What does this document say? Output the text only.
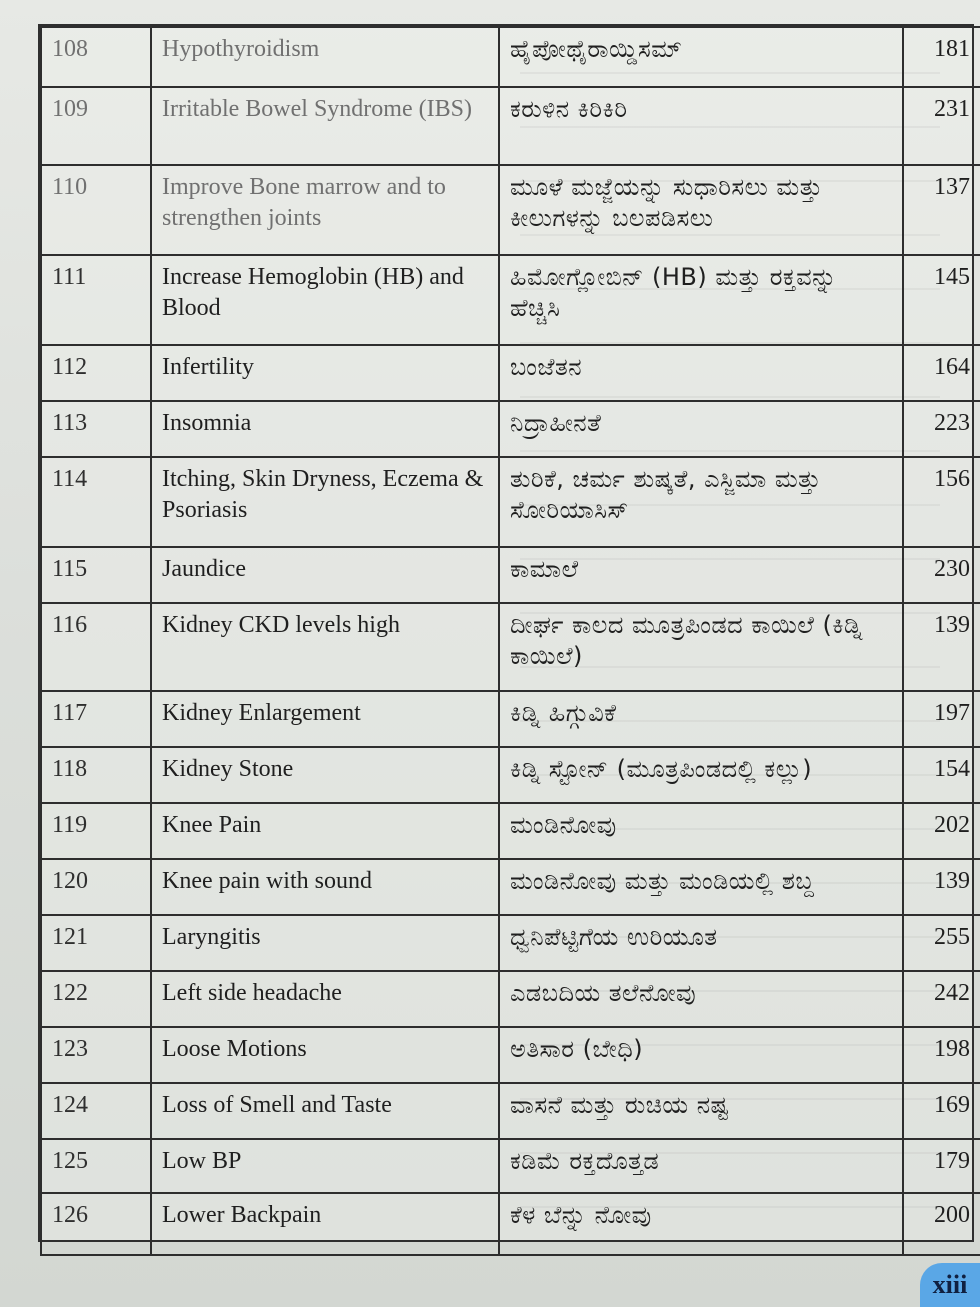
108	Hypothyroidism	ಹೈಪೋಥೈರಾಯ್ಡಿಸಮ್	181

109	Irritable Bowel Syndrome (IBS)	ಕರುಳಿನ ಕಿರಿಕಿರಿ	231

110	Improve Bone marrow and to strengthen joints	ಮೂಳೆ ಮಜ್ಜೆಯನ್ನು ಸುಧಾರಿಸಲು ಮತ್ತು ಕೀಲುಗಳನ್ನು ಬಲಪಡಿಸಲು	137

111	Increase Hemoglobin (HB) and Blood	ಹಿಮೋಗ್ಲೋಬಿನ್ (HB) ಮತ್ತು ರಕ್ತವನ್ನು ಹೆಚ್ಚಿಸಿ	145

112	Infertility	ಬಂಜೆತನ	164

113	Insomnia	ನಿದ್ರಾಹೀನತೆ	223

114	Itching, Skin Dryness, Eczema & Psoriasis	ತುರಿಕೆ, ಚರ್ಮ ಶುಷ್ಕತೆ, ಎಸ್ಜಿಮಾ ಮತ್ತು ಸೋರಿಯಾಸಿಸ್	156

115	Jaundice	ಕಾಮಾಲೆ	230

116	Kidney CKD levels high	ದೀರ್ಘ ಕಾಲದ ಮೂತ್ರಪಿಂಡದ ಕಾಯಿಲೆ (ಕಿಡ್ನಿ ಕಾಯಿಲೆ)	139

117	Kidney Enlargement	ಕಿಡ್ನಿ ಹಿಗ್ಗುವಿಕೆ	197

118	Kidney Stone	ಕಿಡ್ನಿ ಸ್ಟೋನ್ (ಮೂತ್ರಪಿಂಡದಲ್ಲಿ ಕಲ್ಲು)	154

119	Knee Pain	ಮಂಡಿನೋವು	202

120	Knee pain with sound	ಮಂಡಿನೋವು ಮತ್ತು ಮಂಡಿಯಲ್ಲಿ ಶಬ್ದ	139

121	Laryngitis	ಧ್ವನಿಪೆಟ್ಟಿಗೆಯ ಉರಿಯೂತ	255

122	Left side headache	ಎಡಬದಿಯ ತಲೆನೋವು	242

123	Loose Motions	ಅತಿಸಾರ (ಬೇಧಿ)	198

124	Loss of Smell and Taste	ವಾಸನೆ ಮತ್ತು ರುಚಿಯ ನಷ್ಟ	169

125	Low BP	ಕಡಿಮೆ ರಕ್ತದೊತ್ತಡ	179

126	Lower Backpain	ಕೆಳ ಬೆನ್ನು ನೋವು	200
xiii
